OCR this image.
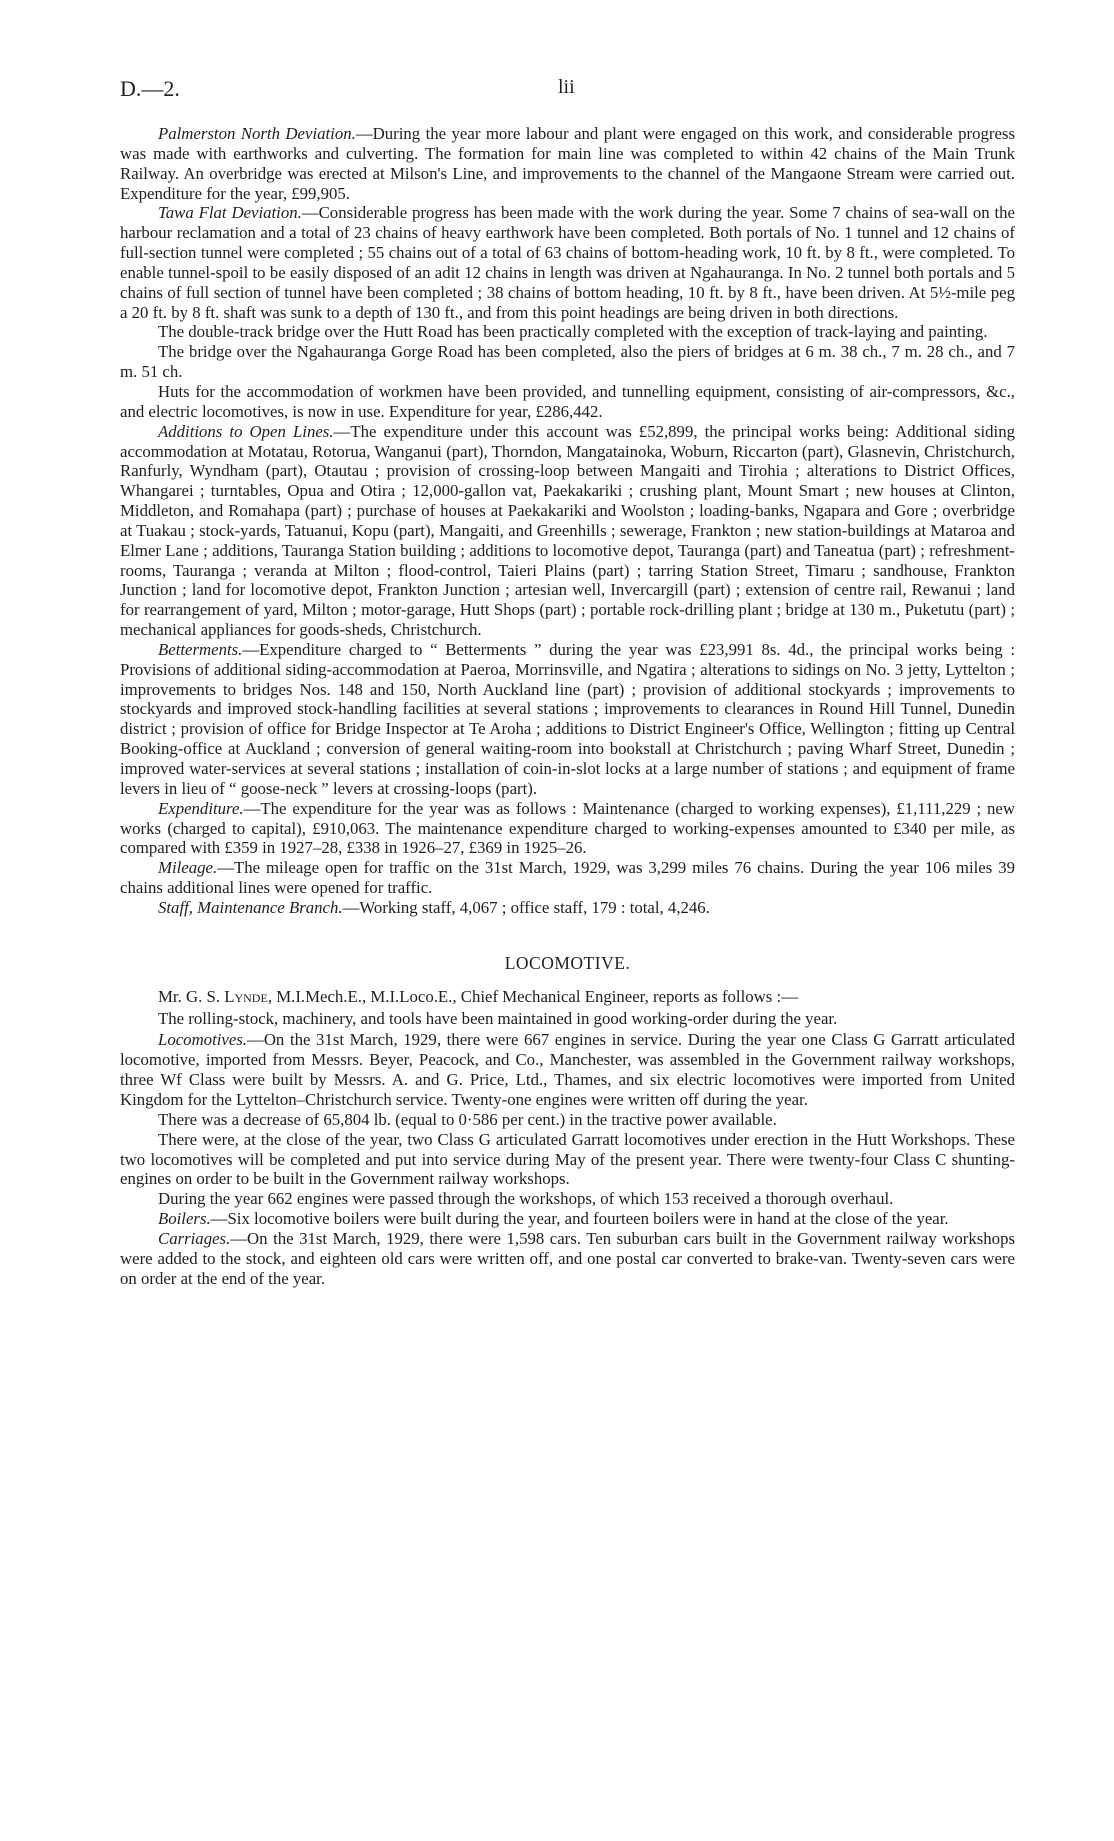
D.—2.	lii

Palmerston North Deviation.—During the year more labour and plant were engaged on this work, and considerable progress was made with earthworks and culverting. The formation for main line was completed to within 42 chains of the Main Trunk Railway. An overbridge was erected at Milson's Line, and improvements to the channel of the Mangaone Stream were carried out. Expenditure for the year, £99,905.

Tawa Flat Deviation.—Considerable progress has been made with the work during the year. Some 7 chains of sea-wall on the harbour reclamation and a total of 23 chains of heavy earthwork have been completed. Both portals of No. 1 tunnel and 12 chains of full-section tunnel were completed ; 55 chains out of a total of 63 chains of bottom-heading work, 10 ft. by 8 ft., were completed. To enable tunnel-spoil to be easily disposed of an adit 12 chains in length was driven at Ngahauranga. In No. 2 tunnel both portals and 5 chains of full section of tunnel have been completed ; 38 chains of bottom heading, 10 ft. by 8 ft., have been driven. At 5½-mile peg a 20 ft. by 8 ft. shaft was sunk to a depth of 130 ft., and from this point headings are being driven in both directions.

The double-track bridge over the Hutt Road has been practically completed with the exception of track-laying and painting.

The bridge over the Ngahauranga Gorge Road has been completed, also the piers of bridges at 6 m. 38 ch., 7 m. 28 ch., and 7 m. 51 ch.

Huts for the accommodation of workmen have been provided, and tunnelling equipment, consisting of air-compressors, &c., and electric locomotives, is now in use. Expenditure for year, £286,442.

Additions to Open Lines.—The expenditure under this account was £52,899, the principal works being: Additional siding accommodation at Motatau, Rotorua, Wanganui (part), Thorndon, Mangatainoka, Woburn, Riccarton (part), Glasnevin, Christchurch, Ranfurly, Wyndham (part), Otautau ; provision of crossing-loop between Mangaiti and Tirohia ; alterations to District Offices, Whangarei ; turntables, Opua and Otira ; 12,000-gallon vat, Paekakariki ; crushing plant, Mount Smart ; new houses at Clinton, Middleton, and Romahapa (part) ; purchase of houses at Paekakariki and Woolston ; loading-banks, Ngapara and Gore ; overbridge at Tuakau ; stock-yards, Tatuanui, Kopu (part), Mangaiti, and Greenhills ; sewerage, Frankton ; new station-buildings at Mataroa and Elmer Lane ; additions, Tauranga Station building ; additions to locomotive depot, Tauranga (part) and Taneatua (part) ; refreshment-rooms, Tauranga ; veranda at Milton ; flood-control, Taieri Plains (part) ; tarring Station Street, Timaru ; sandhouse, Frankton Junction ; land for locomotive depot, Frankton Junction ; artesian well, Invercargill (part) ; extension of centre rail, Rewanui ; land for rearrangement of yard, Milton ; motor-garage, Hutt Shops (part) ; portable rock-drilling plant ; bridge at 130 m., Puketutu (part) ; mechanical appliances for goods-sheds, Christchurch.

Betterments.—Expenditure charged to “ Betterments ” during the year was £23,991 8s. 4d., the principal works being : Provisions of additional siding-accommodation at Paeroa, Morrinsville, and Ngatira ; alterations to sidings on No. 3 jetty, Lyttelton ; improvements to bridges Nos. 148 and 150, North Auckland line (part) ; provision of additional stockyards ; improvements to stockyards and improved stock-handling facilities at several stations ; improvements to clearances in Round Hill Tunnel, Dunedin district ; provision of office for Bridge Inspector at Te Aroha ; additions to District Engineer's Office, Wellington ; fitting up Central Booking-office at Auckland ; conversion of general waiting-room into bookstall at Christchurch ; paving Wharf Street, Dunedin ; improved water-services at several stations ; installation of coin-in-slot locks at a large number of stations ; and equipment of frame levers in lieu of “ goose-neck ” levers at crossing-loops (part).

Expenditure.—The expenditure for the year was as follows : Maintenance (charged to working expenses), £1,111,229 ; new works (charged to capital), £910,063. The maintenance expenditure charged to working-expenses amounted to £340 per mile, as compared with £359 in 1927–28, £338 in 1926–27, £369 in 1925–26.

Mileage.—The mileage open for traffic on the 31st March, 1929, was 3,299 miles 76 chains. During the year 106 miles 39 chains additional lines were opened for traffic.

Staff, Maintenance Branch.—Working staff, 4,067 ; office staff, 179 : total, 4,246.

LOCOMOTIVE.

Mr. G. S. Lynde, M.I.Mech.E., M.I.Loco.E., Chief Mechanical Engineer, reports as follows :—

The rolling-stock, machinery, and tools have been maintained in good working-order during the year.

Locomotives.—On the 31st March, 1929, there were 667 engines in service. During the year one Class G Garratt articulated locomotive, imported from Messrs. Beyer, Peacock, and Co., Manchester, was assembled in the Government railway workshops, three Wf Class were built by Messrs. A. and G. Price, Ltd., Thames, and six electric locomotives were imported from United Kingdom for the Lyttelton–Christchurch service. Twenty-one engines were written off during the year.

There was a decrease of 65,804 lb. (equal to 0·586 per cent.) in the tractive power available.

There were, at the close of the year, two Class G articulated Garratt locomotives under erection in the Hutt Workshops. These two locomotives will be completed and put into service during May of the present year. There were twenty-four Class C shunting-engines on order to be built in the Government railway workshops.

During the year 662 engines were passed through the workshops, of which 153 received a thorough overhaul.

Boilers.—Six locomotive boilers were built during the year, and fourteen boilers were in hand at the close of the year.

Carriages.—On the 31st March, 1929, there were 1,598 cars. Ten suburban cars built in the Government railway workshops were added to the stock, and eighteen old cars were written off, and one postal car converted to brake-van. Twenty-seven cars were on order at the end of the year.
